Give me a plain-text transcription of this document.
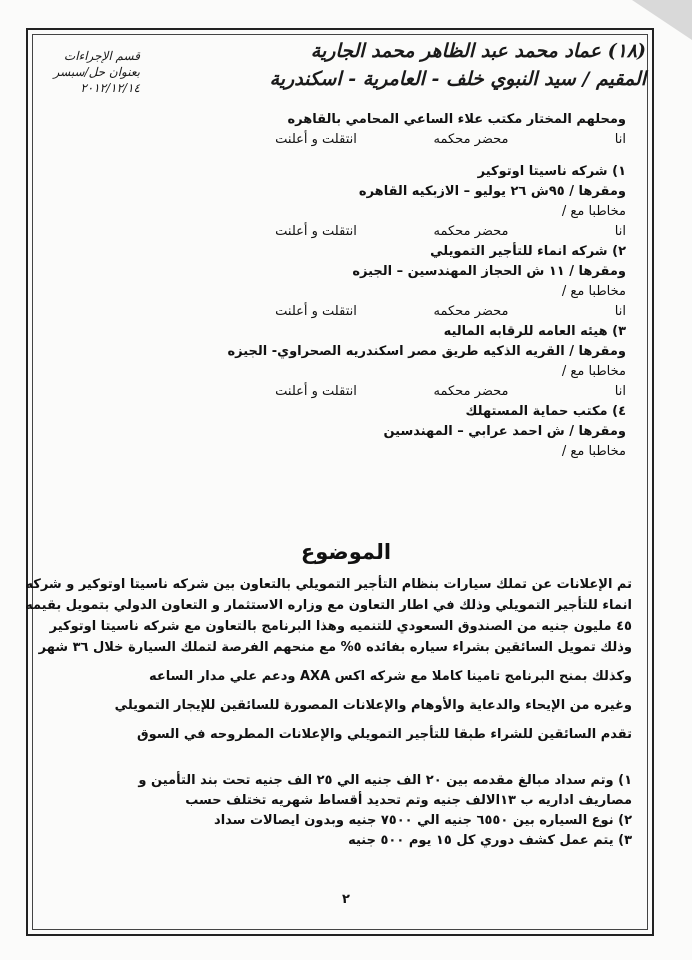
(١٨) عماد محمد عبد الظاهر محمد الجارية
المقيم / سيد النبوي خلف - العامرية - اسكندرية
قسم الإجراءات بعنوان حل/سبسر ٢٠١٢/١٢/١٤
ومحلهم المختار مكتب علاء الساعي المحامي بالقاهره
انا
محضر محكمه
انتقلت و أعلنت
١) شركه ناسيتا اوتوكير
ومقرها / ٩٥ش ٢٦ يوليو – الازبكيه القاهره
مخاطبا مع /
انا
محضر محكمه
انتقلت و أعلنت
٢) شركه انماء للتأجير التمويلي
ومقرها / ١١ ش الحجاز المهندسين – الجيزه
مخاطبا مع /
انا
محضر محكمه
انتقلت و أعلنت
٣) هيئه العامه للرقابه الماليه
ومقرها / القريه الذكيه طريق مصر اسكندريه الصحراوي- الجيزه
مخاطبا مع /
انا
محضر محكمه
انتقلت و أعلنت
٤) مكتب حماية المستهلك
ومقرها / ش احمد عرابي – المهندسين
مخاطبا مع /
الموضوع
تم الإعلانات عن تملك سيارات بنظام التأجير التمويلي بالتعاون بين شركه ناسيتا اوتوكير و شركه
انماء للتأجير التمويلي وذلك في اطار التعاون مع وزاره الاستثمار و التعاون الدولي بتمويل بقيمه
٤٥ مليون جنيه من الصندوق السعودي للتنميه وهذا البرنامج بالتعاون مع شركه ناسيتا اوتوكير
وذلك تمويل السائقين بشراء سياره بفائده ٥% مع منحهم الفرصة لتملك السيارة خلال ٣٦ شهر
وكذلك بمنح البرنامج تامينا كاملا مع شركه اكس AXA ودعم علي مدار الساعه
وغيره من الإيحاء والدعاية والأوهام والإعلانات المصورة للسائقين للإيجار التمويلي
تقدم السائقين للشراء طبقا للتأجير التمويلي والإعلانات المطروحه في السوق
١) وتم سداد مبالغ مقدمه بين ٢٠ الف جنيه الي ٢٥ الف جنيه تحت بند التأمين و
مصاريف اداريه ب ١٣الالف جنيه وتم تحديد أقساط شهريه تختلف حسب
٢) نوع السياره بين ٦٥٥٠ جنيه الي ٧٥٠٠ جنيه وبدون ايصالات سداد
٣) يتم عمل كشف دوري كل ١٥ يوم ٥٠٠ جنيه
٢
